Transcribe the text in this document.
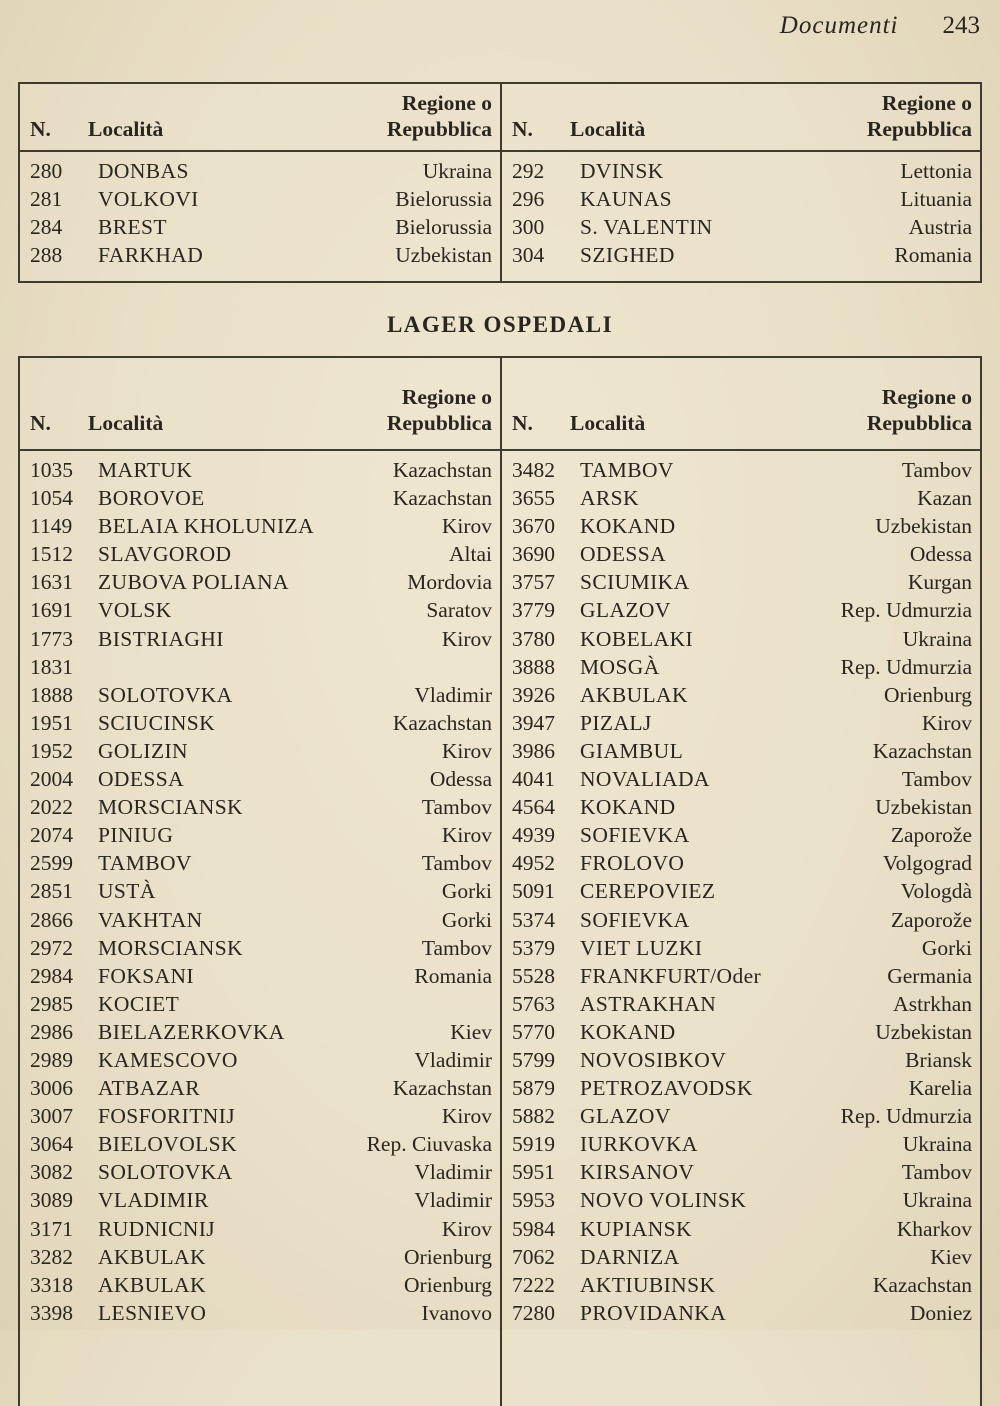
Documenti 243
N.	Località
Regione o
Repubblica
280	DONBAS	Ukraina
281	VOLKOVI	Bielorussia
284	BREST	Bielorussia
288	FARKHAD	Uzbekistan
N.	Località
Regione o
Repubblica
292	DVINSK	Lettonia
296	KAUNAS	Lituania
300	S. VALENTIN	Austria
304	SZIGHED	Romania
LAGER OSPEDALI
N.	Località
Regione o
Repubblica
1035	MARTUK	Kazachstan
1054	BOROVOE	Kazachstan
1149	BELAIA KHOLUNIZA	Kirov
1512	SLAVGOROD	Altai
1631	ZUBOVA POLIANA	Mordovia
1691	VOLSK	Saratov
1773	BISTRIAGHI	Kirov
1831
1888	SOLOTOVKA	Vladimir
1951	SCIUCINSK	Kazachstan
1952	GOLIZIN	Kirov
2004	ODESSA	Odessa
2022	MORSCIANSK	Tambov
2074	PINIUG	Kirov
2599	TAMBOV	Tambov
2851	USTÀ	Gorki
2866	VAKHTAN	Gorki
2972	MORSCIANSK	Tambov
2984	FOKSANI	Romania
2985	KOCIET
2986	BIELAZERKOVKA	Kiev
2989	KAMESCOVO	Vladimir
3006	ATBAZAR	Kazachstan
3007	FOSFORITNIJ	Kirov
3064	BIELOVOLSK	Rep. Ciuvaska
3082	SOLOTOVKA	Vladimir
3089	VLADIMIR	Vladimir
3171	RUDNICNIJ	Kirov
3282	AKBULAK	Orienburg
3318	AKBULAK	Orienburg
3398	LESNIEVO	Ivanovo
N.	Località
Regione o
Repubblica
3482	TAMBOV	Tambov
3655	ARSK	Kazan
3670	KOKAND	Uzbekistan
3690	ODESSA	Odessa
3757	SCIUMIKA	Kurgan
3779	GLAZOV	Rep. Udmurzia
3780	KOBELAKI	Ukraina
3888	MOSGÀ	Rep. Udmurzia
3926	AKBULAK	Orienburg
3947	PIZALJ	Kirov
3986	GIAMBUL	Kazachstan
4041	NOVALIADA	Tambov
4564	KOKAND	Uzbekistan
4939	SOFIEVKA	Zaporože
4952	FROLOVO	Volgograd
5091	CEREPOVIEZ	Vologdà
5374	SOFIEVKA	Zaporože
5379	VIET LUZKI	Gorki
5528	FRANKFURT/Oder	Germania
5763	ASTRAKHAN	Astrkhan
5770	KOKAND	Uzbekistan
5799	NOVOSIBKOV	Briansk
5879	PETROZAVODSK	Karelia
5882	GLAZOV	Rep. Udmurzia
5919	IURKOVKA	Ukraina
5951	KIRSANOV	Tambov
5953	NOVO VOLINSK	Ukraina
5984	KUPIANSK	Kharkov
7062	DARNIZA	Kiev
7222	AKTIUBINSK	Kazachstan
7280	PROVIDANKA	Doniez
